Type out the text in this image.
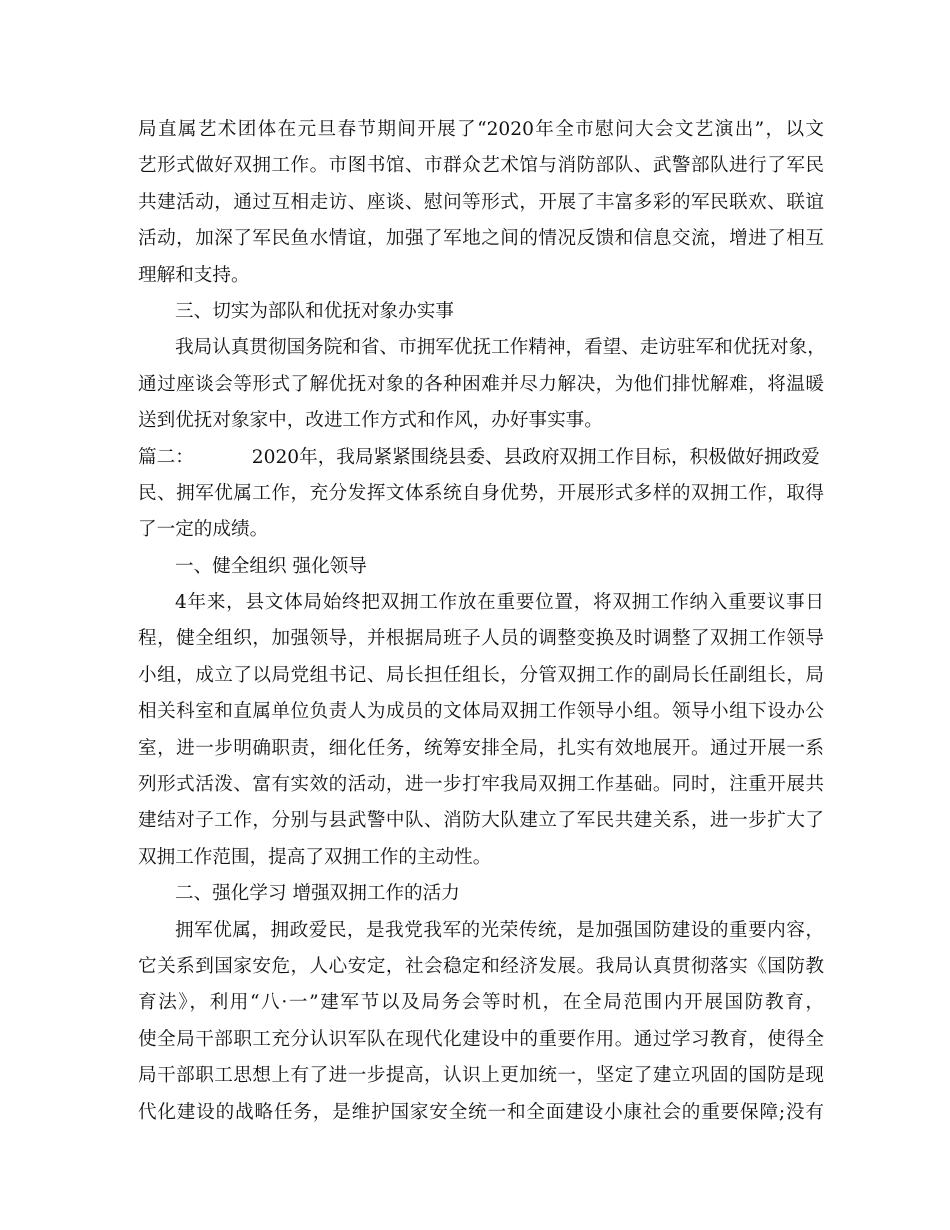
局直属艺术团体在元旦春节期间开展了“2020年全市慰问大会文艺演出”，以文
艺形式做好双拥工作。市图书馆、市群众艺术馆与消防部队、武警部队进行了军民
共建活动，通过互相走访、座谈、慰问等形式，开展了丰富多彩的军民联欢、联谊
活动，加深了军民鱼水情谊，加强了军地之间的情况反馈和信息交流，增进了相互
理解和支持。
三、切实为部队和优抚对象办实事
我局认真贯彻国务院和省、市拥军优抚工作精神，看望、走访驻军和优抚对象，
通过座谈会等形式了解优抚对象的各种困难并尽力解决，为他们排忧解难，将温暖
送到优抚对象家中，改进工作方式和作风，办好事实事。
篇二：	2020年，我局紧紧围绕县委、县政府双拥工作目标，积极做好拥政爱
民、拥军优属工作，充分发挥文体系统自身优势，开展形式多样的双拥工作，取得
了一定的成绩。
一、健全组织 强化领导
4年来，县文体局始终把双拥工作放在重要位置，将双拥工作纳入重要议事日
程，健全组织，加强领导，并根据局班子人员的调整变换及时调整了双拥工作领导
小组，成立了以局党组书记、局长担任组长，分管双拥工作的副局长任副组长，局
相关科室和直属单位负责人为成员的文体局双拥工作领导小组。领导小组下设办公
室，进一步明确职责，细化任务，统筹安排全局，扎实有效地展开。通过开展一系
列形式活泼、富有实效的活动，进一步打牢我局双拥工作基础。同时，注重开展共
建结对子工作，分别与县武警中队、消防大队建立了军民共建关系，进一步扩大了
双拥工作范围，提高了双拥工作的主动性。
二、强化学习 增强双拥工作的活力
拥军优属，拥政爱民，是我党我军的光荣传统，是加强国防建设的重要内容，
它关系到国家安危，人心安定，社会稳定和经济发展。我局认真贯彻落实《国防教
育法》，利用“八·一”建军节以及局务会等时机，在全局范围内开展国防教育，
使全局干部职工充分认识军队在现代化建设中的重要作用。通过学习教育，使得全
局干部职工思想上有了进一步提高，认识上更加统一，坚定了建立巩固的国防是现
代化建设的战略任务，是维护国家安全统一和全面建设小康社会的重要保障;没有
